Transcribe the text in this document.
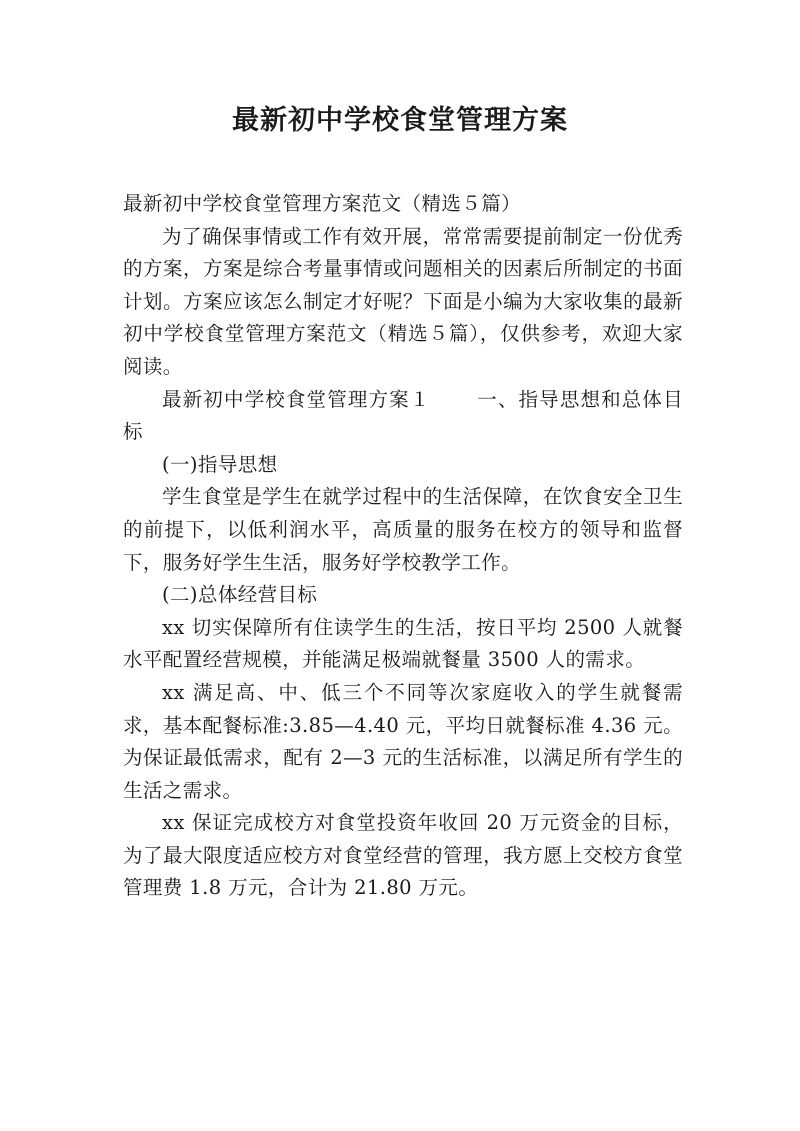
最新初中学校食堂管理方案

最新初中学校食堂管理方案范文（精选５篇）

为了确保事情或工作有效开展，常常需要提前制定一份优秀的方案，方案是综合考量事情或问题相关的因素后所制定的书面计划。方案应该怎么制定才好呢？下面是小编为大家收集的最新初中学校食堂管理方案范文（精选５篇），仅供参考，欢迎大家阅读。

最新初中学校食堂管理方案１ 一、指导思想和总体目标

(一)指导思想

学生食堂是学生在就学过程中的生活保障，在饮食安全卫生的前提下，以低利润水平，高质量的服务在校方的领导和监督下，服务好学生生活，服务好学校教学工作。

(二)总体经营目标

xx 切实保障所有住读学生的生活，按日平均 2500 人就餐水平配置经营规模，并能满足极端就餐量 3500 人的需求。

xx 满足高、中、低三个不同等次家庭收入的学生就餐需求，基本配餐标准:3.85—4.40 元，平均日就餐标准 4.36 元。为保证最低需求，配有 2—3 元的生活标准，以满足所有学生的生活之需求。

xx 保证完成校方对食堂投资年收回 20 万元资金的目标，为了最大限度适应校方对食堂经营的管理，我方愿上交校方食堂管理费 1.8 万元，合计为 21.80 万元。
